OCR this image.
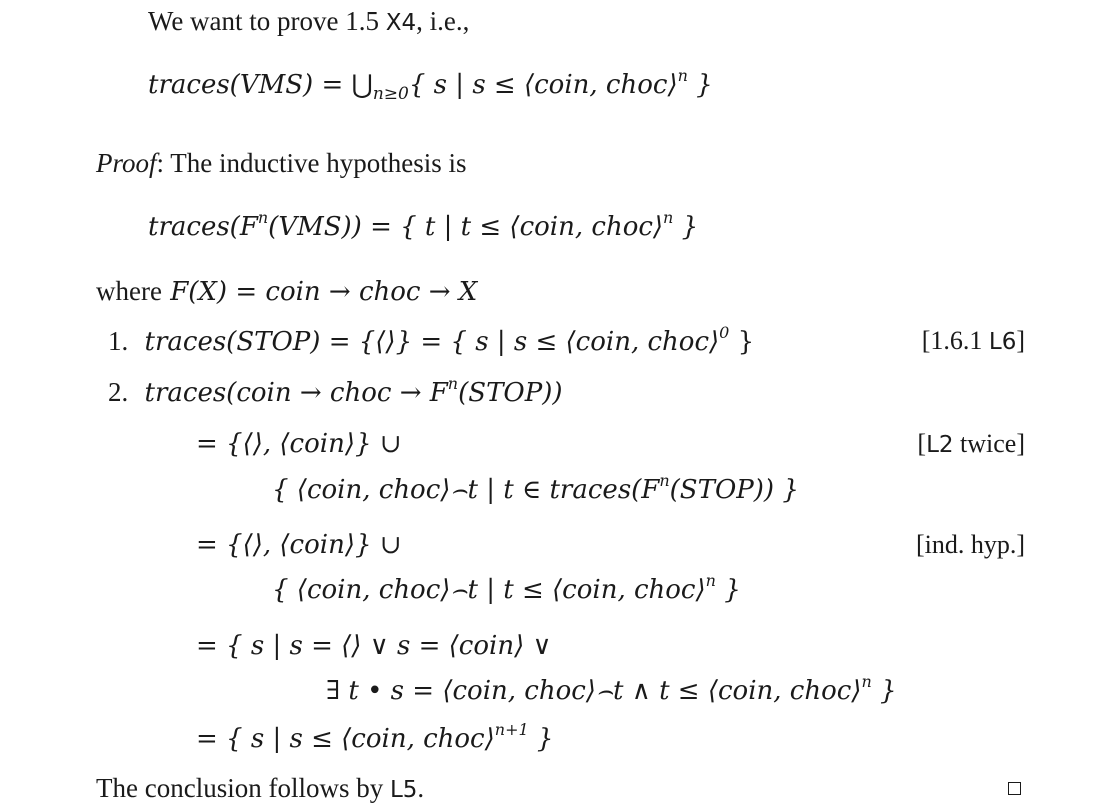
We want to prove 1.5 X4, i.e.,
traces(VMS) = $⋃_{n\ge 0}${ s | s ≤ ⟨coin, choc⟩$^n$ }
Proof: The inductive hypothesis is
$traces(F^n(VMS))$ = { t | t ≤ ⟨coin, choc⟩$^n$ }
where F(X) = coin → choc → X
1. traces(STOP) = {⟨⟩} = { s | s ≤ ⟨coin, choc⟩$^0$ }	[1.6.1 L6]
2. traces(coin → choc → $F^n(STOP)$)
= {⟨⟩, ⟨coin⟩} ∪	[L2 twice]
{ ⟨coin, choc⟩⌢t | t ∈ $traces(F^n(STOP))$ }
= {⟨⟩, ⟨coin⟩} ∪	[ind. hyp.]
{ ⟨coin, choc⟩⌢t | t ≤ ⟨coin, choc⟩$^n$ }
= { s | s = ⟨⟩ ∨ s = ⟨coin⟩ ∨
∃ t • s = ⟨coin, choc⟩⌢t ∧ t ≤ ⟨coin, choc⟩$^n$ }
= { s | s ≤ ⟨coin, choc⟩$^{n+1}$ }
The conclusion follows by L5.
